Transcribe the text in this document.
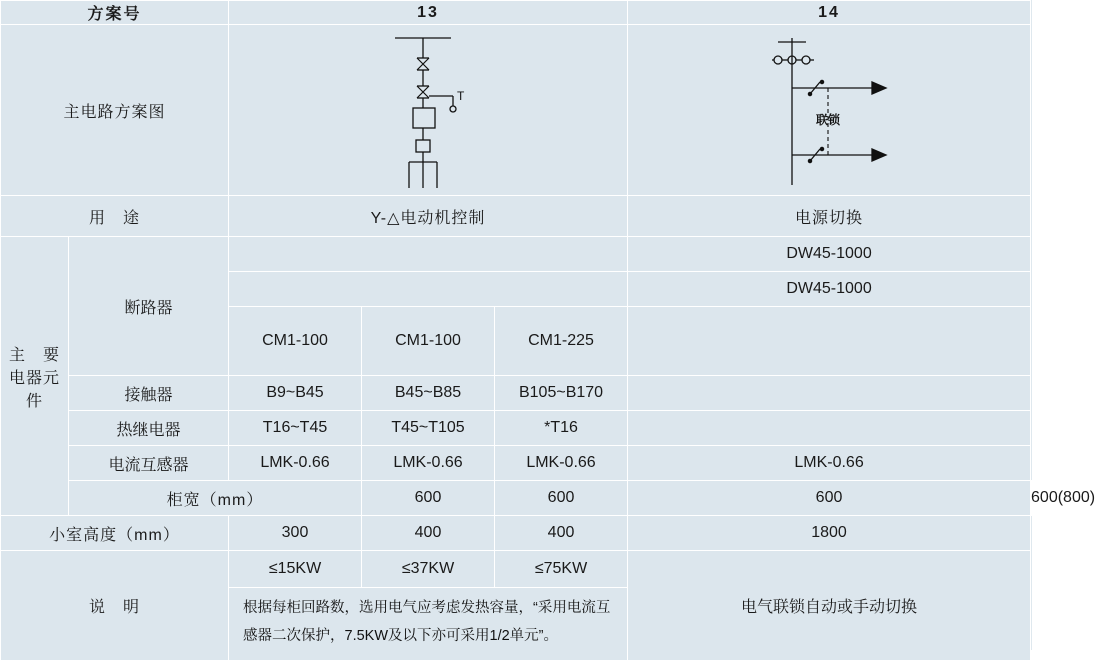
方案号		13			14	
主电路方案图		T			联锁	

用　途		Y-△电动机控制			电源切换	

主　要
电器元件	断路器				DW45-1000	
					DW45-1000	
		CM1-100	CM1-100	CM1-225		
	接触器	B9~B45	B45~B85	B105~B170		
	热继电器	T16~T45	T45~T105	*T16		
	电流互感器	LMK-0.66	LMK-0.66	LMK-0.66	LMK-0.66	
	柜宽（mm）		600	600	600	600(800)
小室高度（mm）		300	400	400	1800	
说　明		≤15KW	≤37KW	≤75KW	电气联锁自动或手动切换	

		根据每柜回路数，选用电气应考虑发热容量，“采用电流互感器二次保护，7.5KW及以下亦可采用1/2单元”。				
